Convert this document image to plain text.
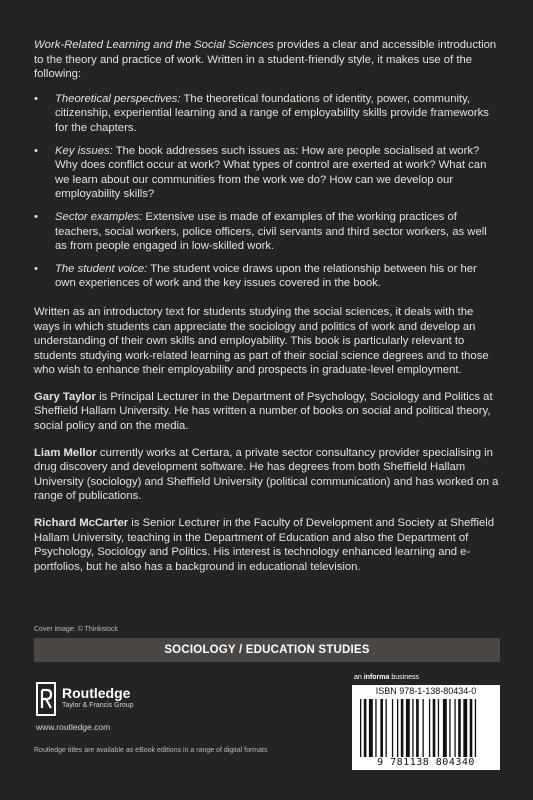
Work-Related Learning and the Social Sciences provides a clear and accessible introduction to the theory and practice of work. Written in a student-friendly style, it makes use of the following:

• Theoretical perspectives: The theoretical foundations of identity, power, community, citizenship, experiential learning and a range of employability skills provide frameworks for the chapters.
• Key issues: The book addresses such issues as: How are people socialised at work? Why does conflict occur at work? What types of control are exerted at work? What can we learn about our communities from the work we do? How can we develop our employability skills?
• Sector examples: Extensive use is made of examples of the working practices of teachers, social workers, police officers, civil servants and third sector workers, as well as from people engaged in low-skilled work.
• The student voice: The student voice draws upon the relationship between his or her own experiences of work and the key issues covered in the book.

Written as an introductory text for students studying the social sciences, it deals with the ways in which students can appreciate the sociology and politics of work and develop an understanding of their own skills and employability. This book is particularly relevant to students studying work-related learning as part of their social science degrees and to those who wish to enhance their employability and prospects in graduate-level employment.

Gary Taylor is Principal Lecturer in the Department of Psychology, Sociology and Politics at Sheffield Hallam University. He has written a number of books on social and political theory, social policy and on the media.

Liam Mellor currently works at Certara, a private sector consultancy provider specialising in drug discovery and development software. He has degrees from both Sheffield Hallam University (sociology) and Sheffield University (political communication) and has worked on a range of publications.

Richard McCarter is Senior Lecturer in the Faculty of Development and Society at Sheffield Hallam University, teaching in the Department of Education and also the Department of Psychology, Sociology and Politics. His interest is technology enhanced learning and e-portfolios, but he also has a background in educational television.

Cover image: © Thinkstock
SOCIOLOGY / EDUCATION STUDIES
Routledge
Taylor & Francis Group
www.routledge.com
an informa business
ISBN 978-1-138-80434-0
9 781138 804340
Routledge titles are available as eBook editions in a range of digital formats
